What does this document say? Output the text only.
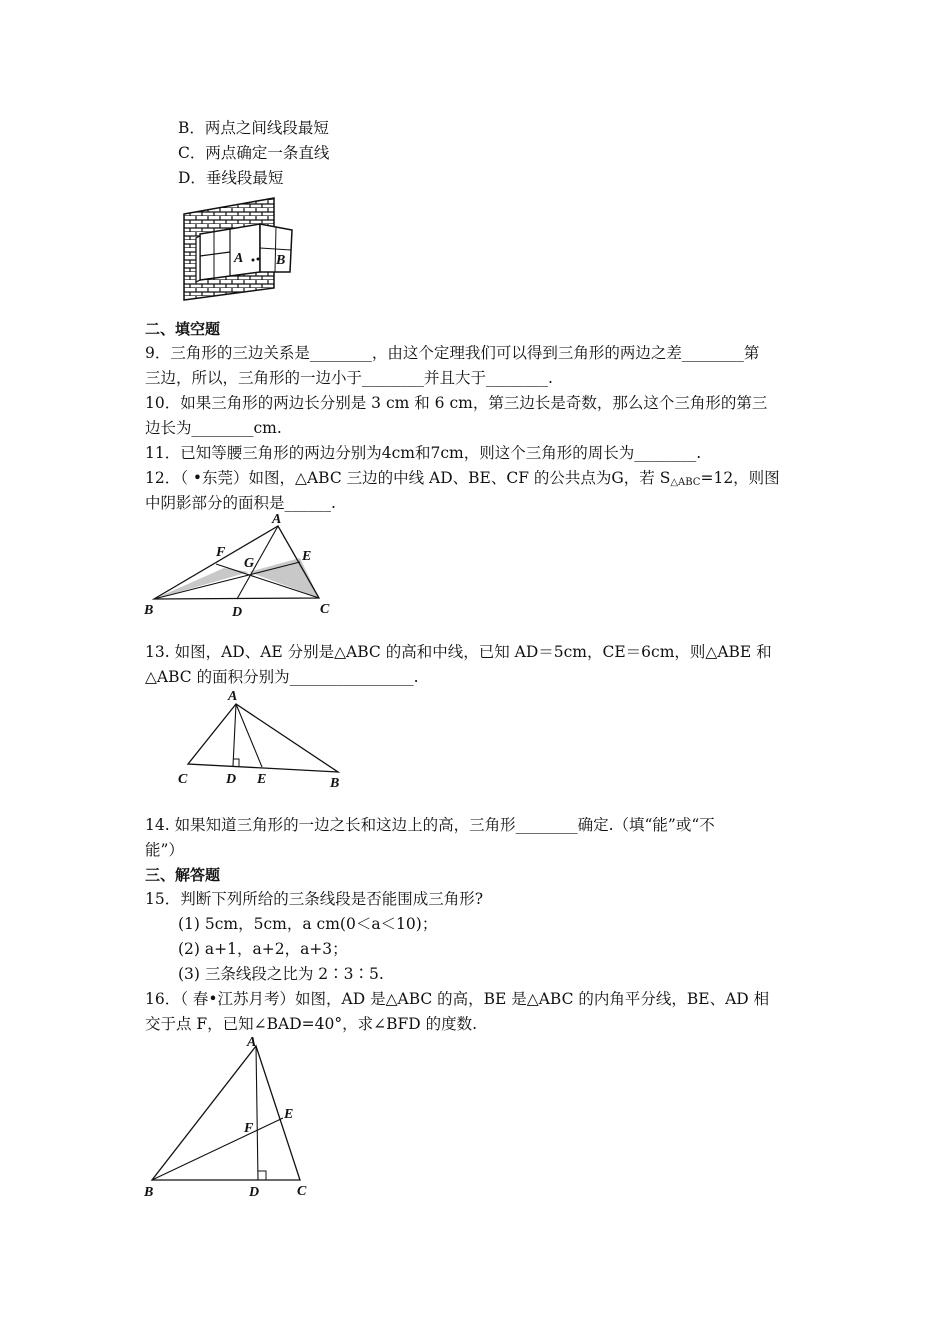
B．两点之间线段最短
C．两点确定一条直线
D．垂线段最短
A B
二、填空题
9．三角形的三边关系是________，由这个定理我们可以得到三角形的两边之差________第
三边，所以，三角形的一边小于________并且大于________.
10．如果三角形的两边长分别是 3 cm 和 6 cm，第三边长是奇数，那么这个三角形的第三
边长为________cm.
11．已知等腰三角形的两边分别为4cm和7cm，则这个三角形的周长为________.
12．（ •东莞）如图，△ABC 三边的中线 AD、BE、CF 的公共点为G，若 $S_{\triangle ABC}=12$，则图
中阴影部分的面积是______.
A
B	C
D
E
F
G
13. 如图，AD、AE 分别是△ABC 的高和中线，已知 AD＝5cm，CE＝6cm，则△ABE 和
△ABC 的面积分别为________________.
A
C	D E	B
14. 如果知道三角形的一边之长和这边上的高，三角形________确定.（填“能”或“不
能”）
三、解答题
15．判断下列所给的三条线段是否能围成三角形?
(1) 5cm，5cm，a cm(0＜a＜10)；
(2) a+1，a+2，a+3；
(3) 三条线段之比为 2∶3∶5.
16．（ 春•江苏月考）如图，AD 是△ABC 的高，BE 是△ABC 的内角平分线，BE、AD 相
交于点 F，已知∠BAD=40°，求∠BFD 的度数.
A
B	C
D
E
F
